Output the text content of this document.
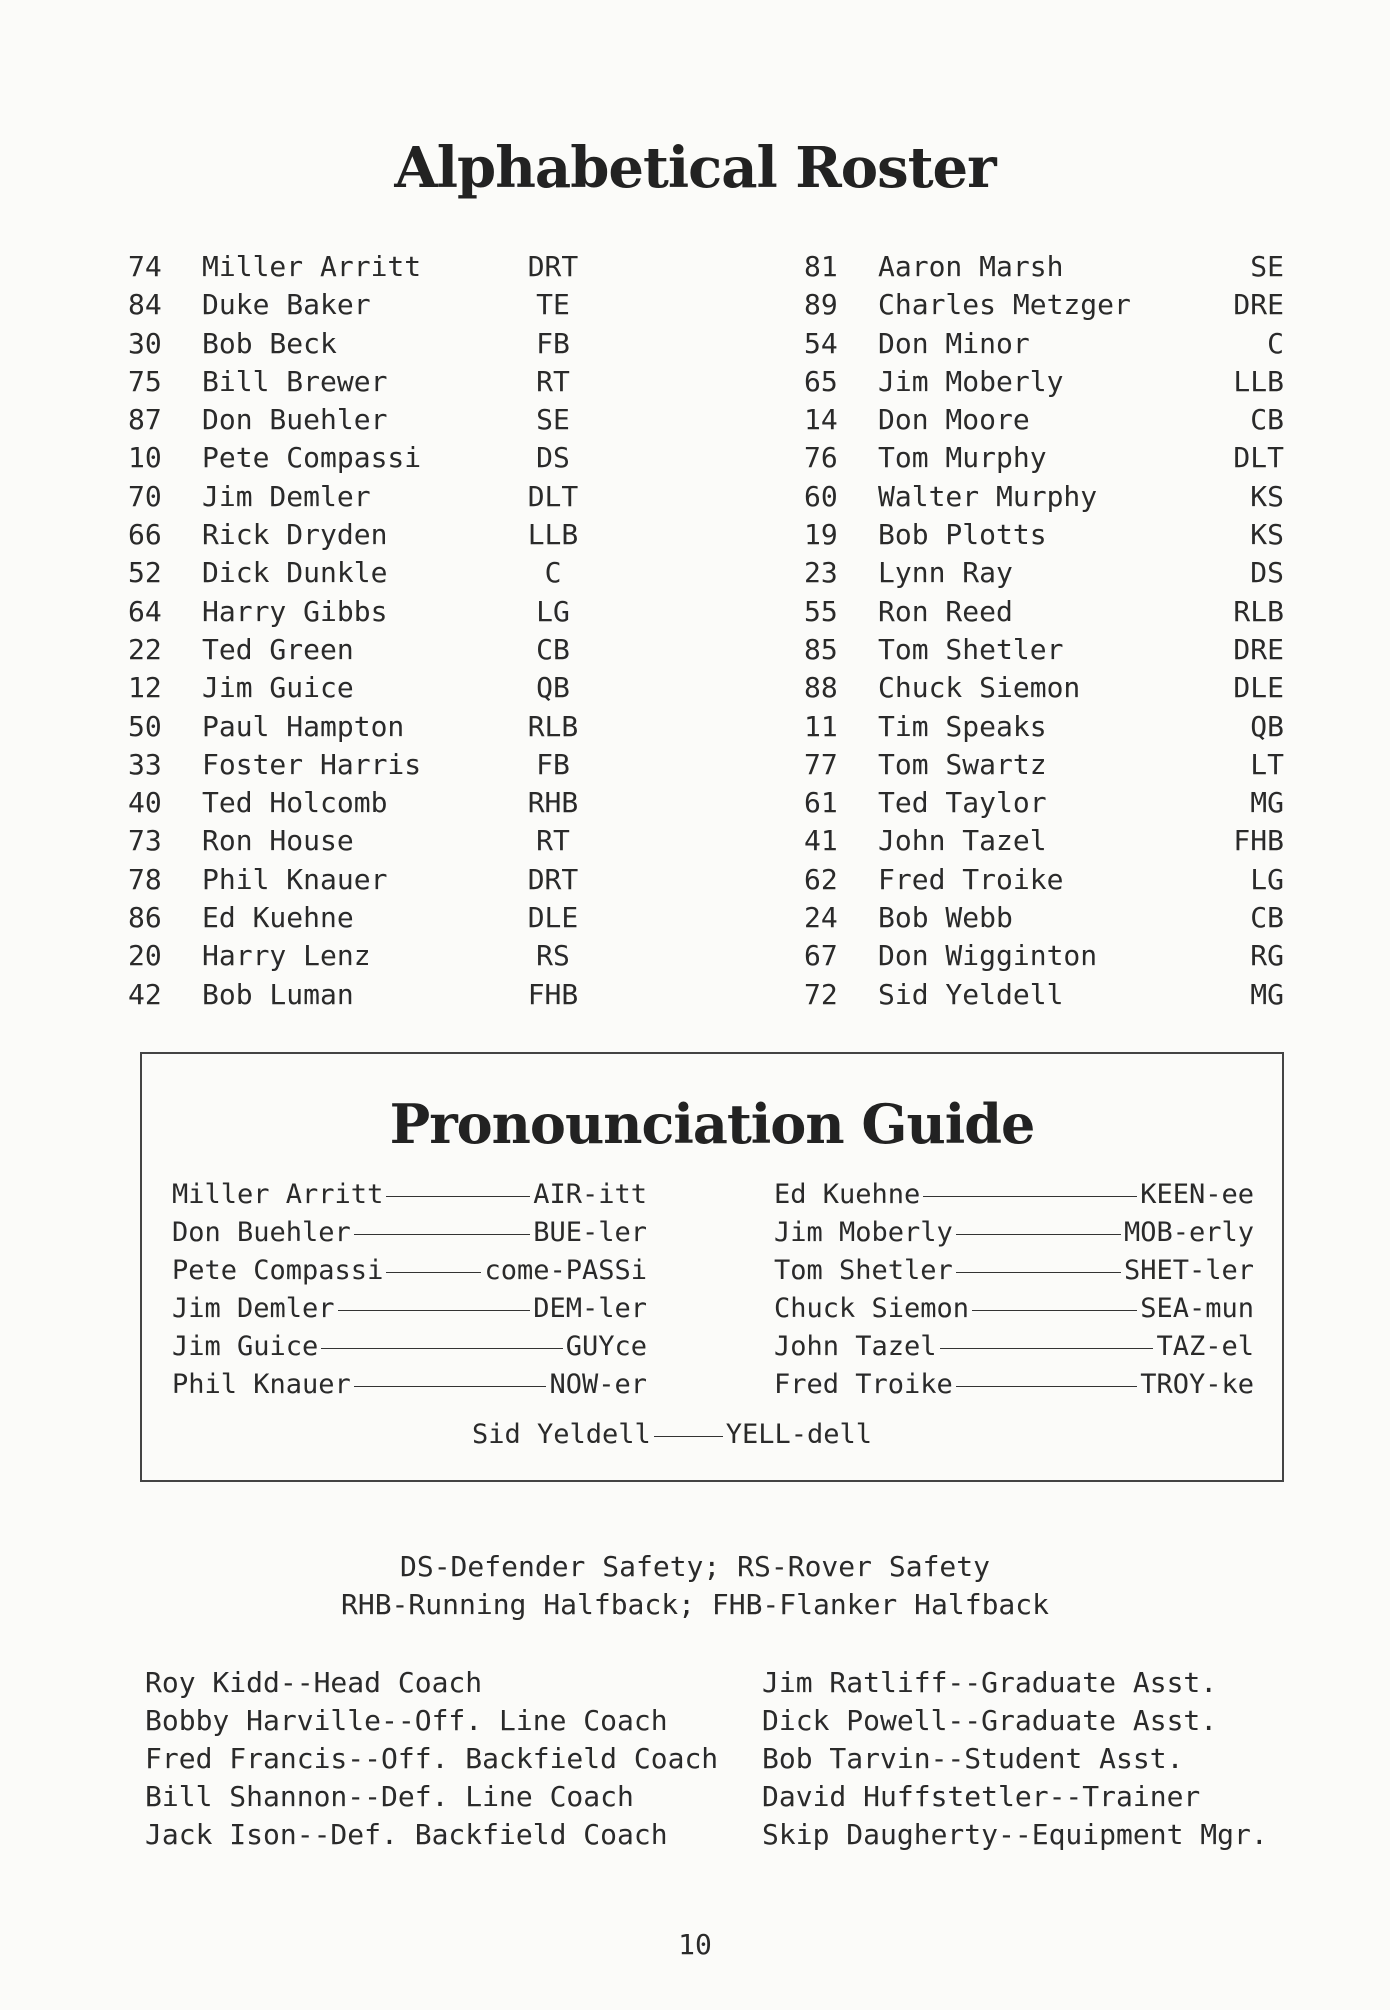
Alphabetical Roster
74	Miller Arritt	DRT
84	Duke Baker	TE
30	Bob Beck	FB
75	Bill Brewer	RT
87	Don Buehler	SE
10	Pete Compassi	DS
70	Jim Demler	DLT
66	Rick Dryden	LLB
52	Dick Dunkle	C
64	Harry Gibbs	LG
22	Ted Green	CB
12	Jim Guice	QB
50	Paul Hampton	RLB
33	Foster Harris	FB
40	Ted Holcomb	RHB
73	Ron House	RT
78	Phil Knauer	DRT
86	Ed Kuehne	DLE
20	Harry Lenz	RS
42	Bob Luman	FHB
81	Aaron Marsh	SE
89	Charles Metzger	DRE
54	Don Minor	C
65	Jim Moberly	LLB
14	Don Moore	CB
76	Tom Murphy	DLT
60	Walter Murphy	KS
19	Bob Plotts	KS
23	Lynn Ray	DS
55	Ron Reed	RLB
85	Tom Shetler	DRE
88	Chuck Siemon	DLE
11	Tim Speaks	QB
77	Tom Swartz	LT
61	Ted Taylor	MG
41	John Tazel	FHB
62	Fred Troike	LG
24	Bob Webb	CB
67	Don Wigginton	RG
72	Sid Yeldell	MG
Pronounciation Guide
Miller Arritt	AIR-itt
Don Buehler	BUE-ler
Pete Compassi	come-PASSi
Jim Demler	DEM-ler
Jim Guice	GUYce
Phil Knauer	NOW-er
Ed Kuehne	KEEN-ee
Jim Moberly	MOB-erly
Tom Shetler	SHET-ler
Chuck Siemon	SEA-mun
John Tazel	TAZ-el
Fred Troike	TROY-ke
Sid Yeldell	YELL-dell
DS-Defender Safety; RS-Rover Safety
RHB-Running Halfback; FHB-Flanker Halfback
Roy Kidd--Head Coach
Bobby Harville--Off. Line Coach
Fred Francis--Off. Backfield Coach
Bill Shannon--Def. Line Coach
Jack Ison--Def. Backfield Coach
Jim Ratliff--Graduate Asst.
Dick Powell--Graduate Asst.
Bob Tarvin--Student Asst.
David Huffstetler--Trainer
Skip Daugherty--Equipment Mgr.
10
